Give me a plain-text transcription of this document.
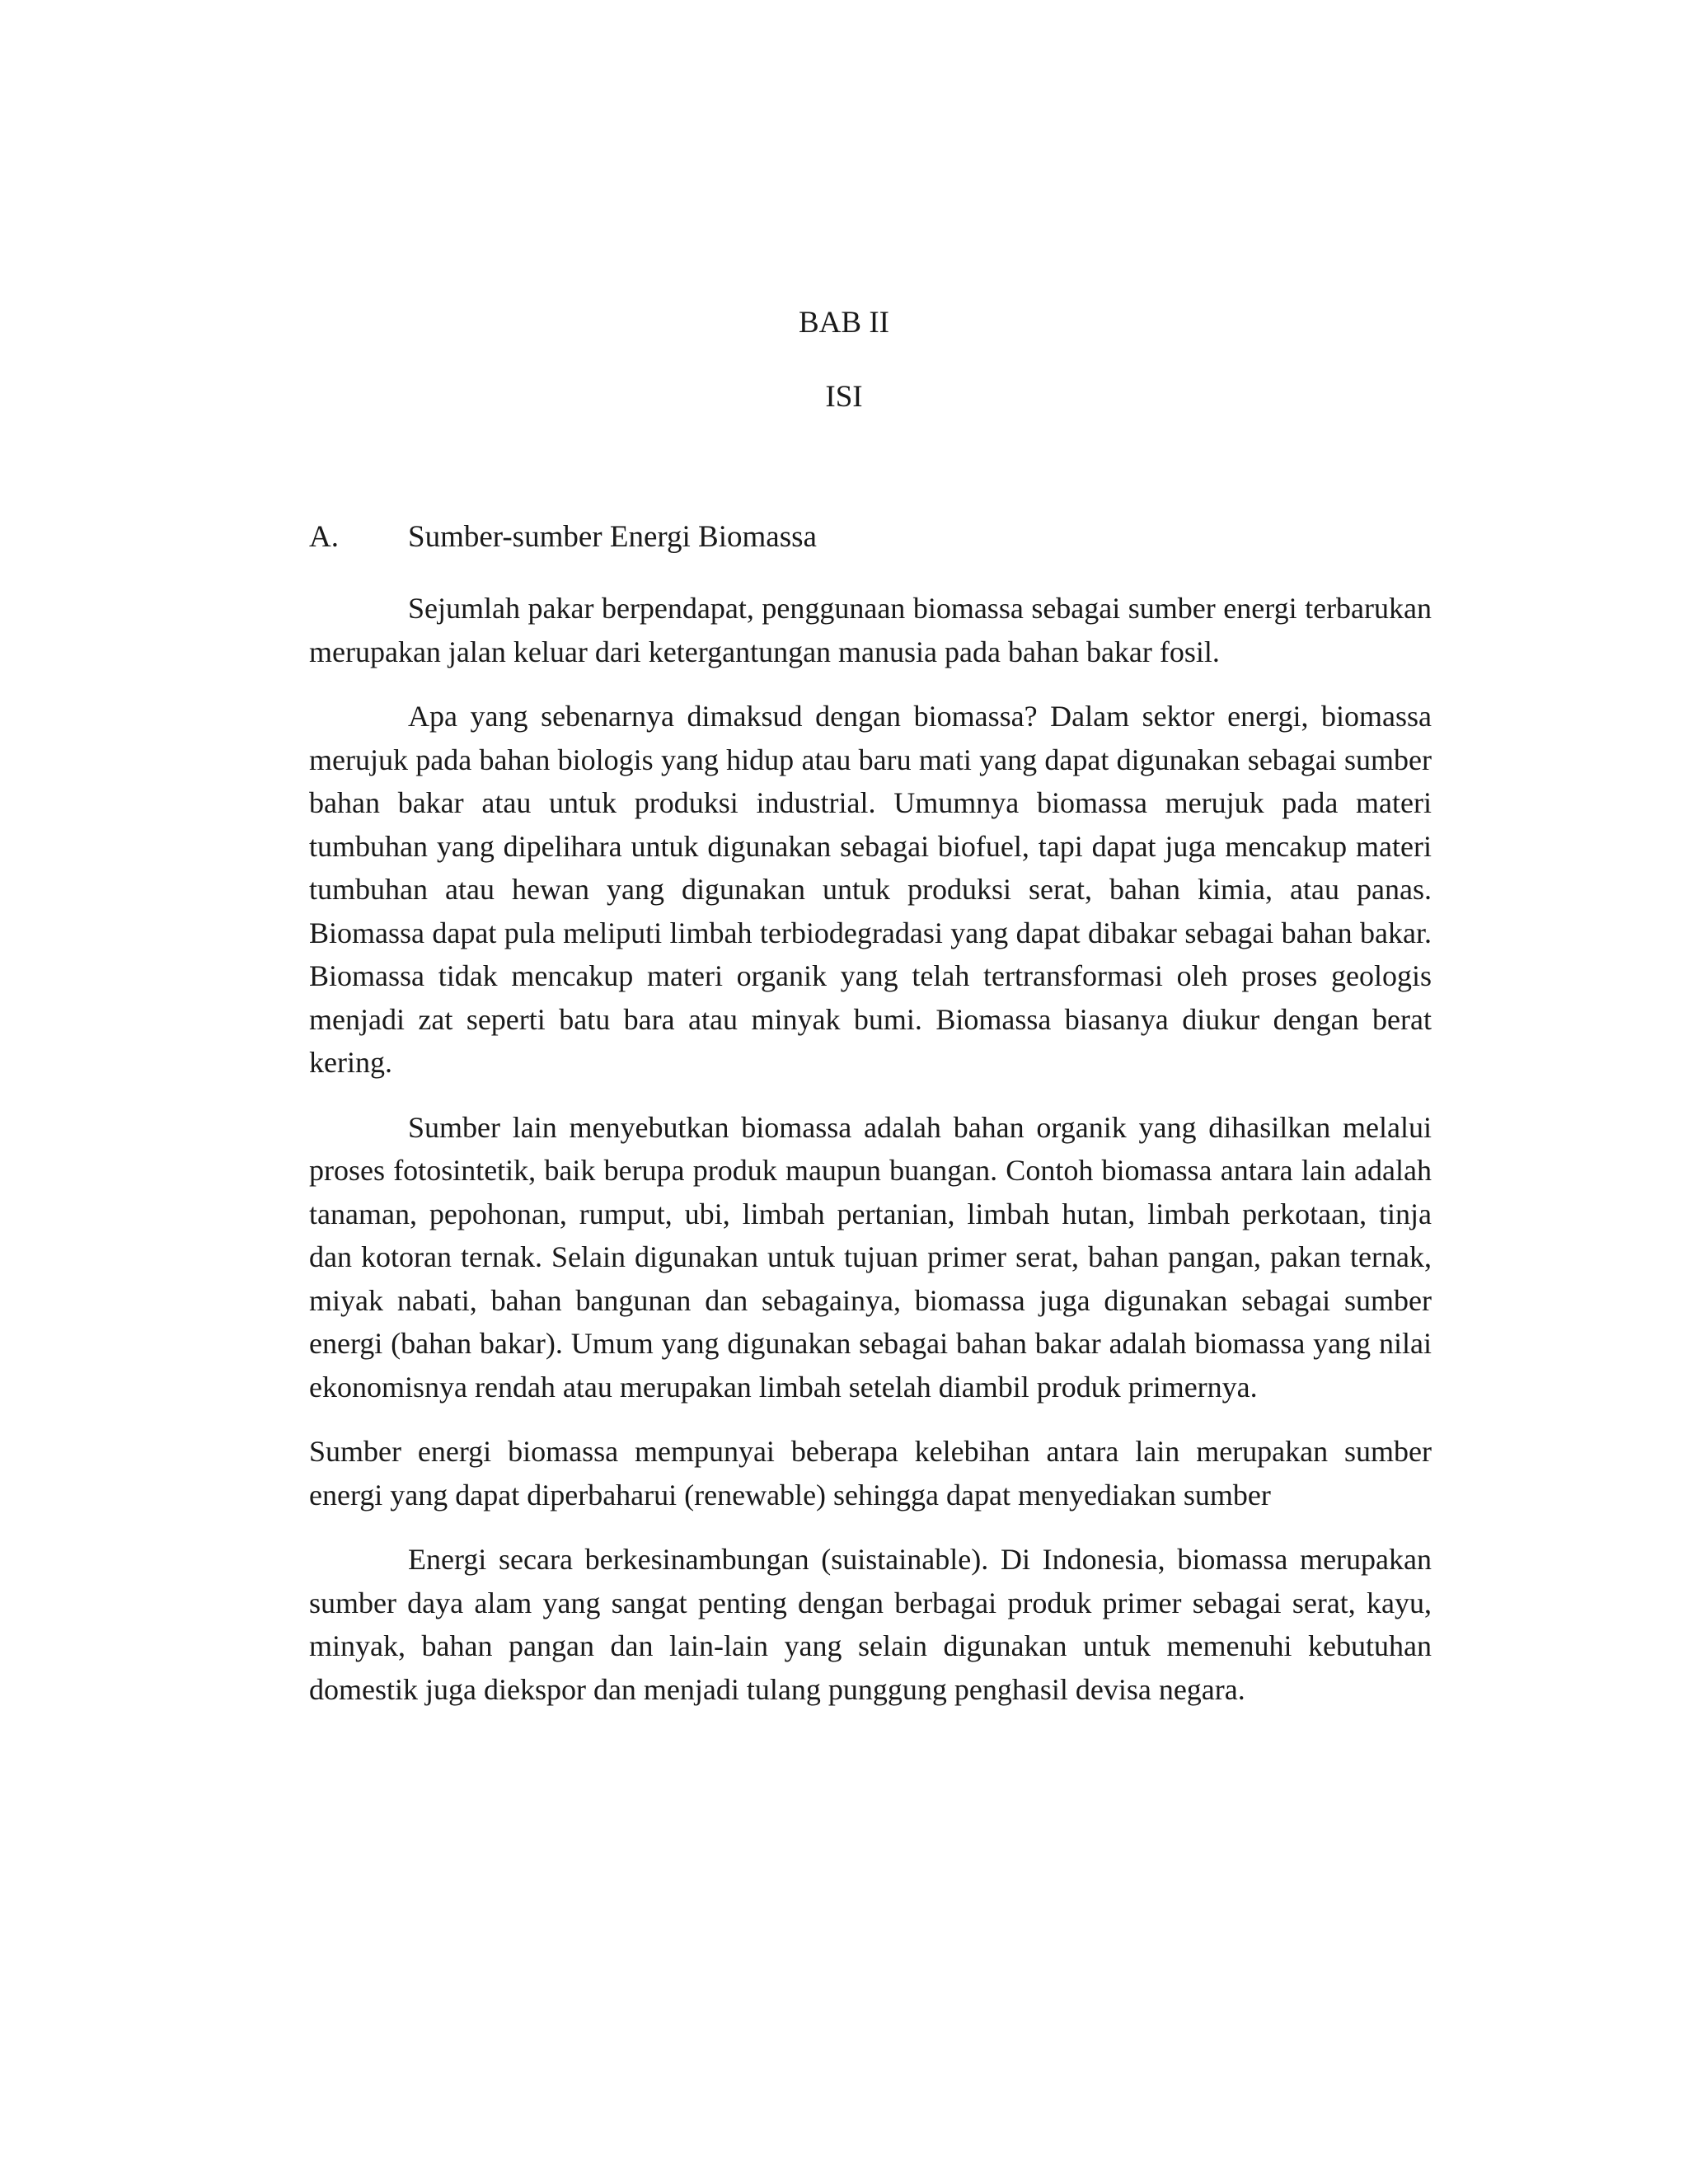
BAB II
ISI
A. Sumber-sumber Energi Biomassa

Sejumlah pakar berpendapat, penggunaan biomassa sebagai sumber energi terbarukan merupakan jalan keluar dari ketergantungan manusia pada bahan bakar fosil.

Apa yang sebenarnya dimaksud dengan biomassa? Dalam sektor energi, biomassa merujuk pada bahan biologis yang hidup atau baru mati yang dapat digunakan sebagai sumber bahan bakar atau untuk produksi industrial. Umumnya biomassa merujuk pada materi tumbuhan yang dipelihara untuk digunakan sebagai biofuel, tapi dapat juga mencakup materi tumbuhan atau hewan yang digunakan untuk produksi serat, bahan kimia, atau panas. Biomassa dapat pula meliputi limbah terbiodegradasi yang dapat dibakar sebagai bahan bakar. Biomassa tidak mencakup materi organik yang telah tertransformasi oleh proses geologis menjadi zat seperti batu bara atau minyak bumi. Biomassa biasanya diukur dengan berat kering.

Sumber lain menyebutkan biomassa adalah bahan organik yang dihasilkan melalui proses fotosintetik, baik berupa produk maupun buangan. Contoh biomassa antara lain adalah tanaman, pepohonan, rumput, ubi, limbah pertanian, limbah hutan, limbah perkotaan, tinja dan kotoran ternak. Selain digunakan untuk tujuan primer serat, bahan pangan, pakan ternak, miyak nabati, bahan bangunan dan sebagainya, biomassa juga digunakan sebagai sumber energi (bahan bakar). Umum yang digunakan sebagai bahan bakar adalah biomassa yang nilai ekonomisnya rendah atau merupakan limbah setelah diambil produk primernya.

Sumber energi biomassa mempunyai beberapa kelebihan antara lain merupakan sumber energi yang dapat diperbaharui (renewable) sehingga dapat menyediakan sumber

Energi secara berkesinambungan (suistainable). Di Indonesia, biomassa merupakan sumber daya alam yang sangat penting dengan berbagai produk primer sebagai serat, kayu, minyak, bahan pangan dan lain-lain yang selain digunakan untuk memenuhi kebutuhan domestik juga diekspor dan menjadi tulang punggung penghasil devisa negara.
